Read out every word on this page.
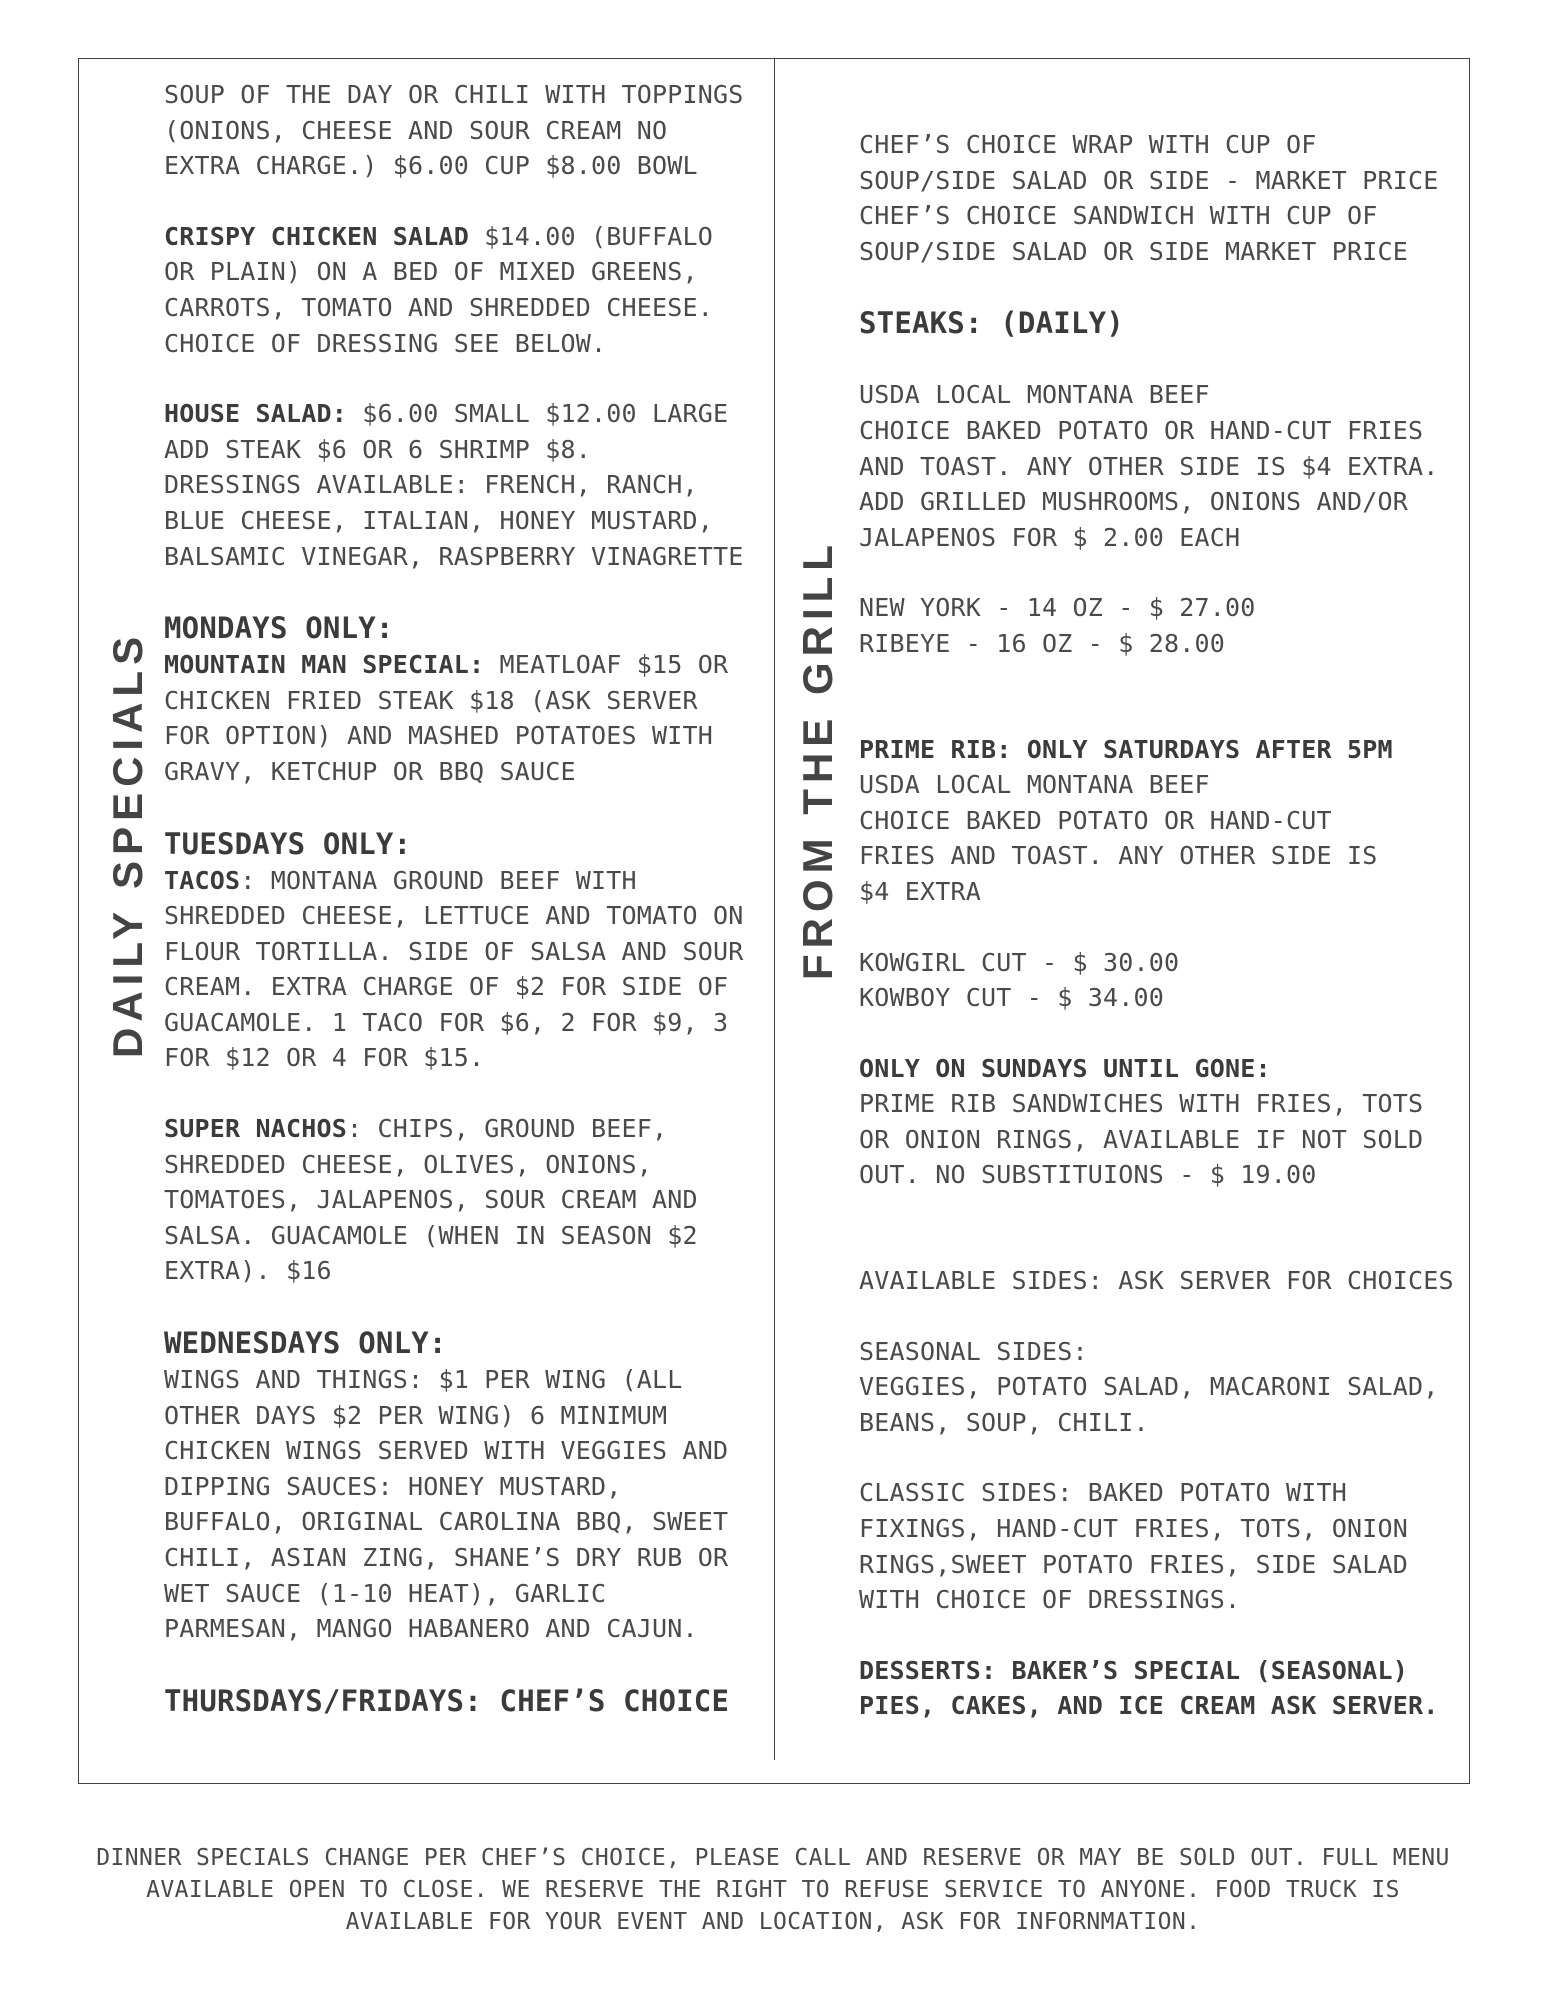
DAILY SPECIALS	FROM THE GRILL

SOUP OF THE DAY OR CHILI WITH TOPPINGS

(ONIONS, CHEESE AND SOUR CREAM NO

EXTRA CHARGE.) $6.00 CUP $8.00 BOWL

CRISPY CHICKEN SALAD $14.00 (BUFFALO

OR PLAIN) ON A BED OF MIXED GREENS,

CARROTS, TOMATO AND SHREDDED CHEESE.

CHOICE OF DRESSING SEE BELOW.

HOUSE SALAD: $6.00 SMALL $12.00 LARGE

ADD STEAK $6 OR 6 SHRIMP $8.

DRESSINGS AVAILABLE: FRENCH, RANCH,

BLUE CHEESE, ITALIAN, HONEY MUSTARD,

BALSAMIC VINEGAR, RASPBERRY VINAGRETTE

MONDAYS ONLY:

MOUNTAIN MAN SPECIAL: MEATLOAF $15 OR

CHICKEN FRIED STEAK $18 (ASK SERVER

FOR OPTION) AND MASHED POTATOES WITH

GRAVY, KETCHUP OR BBQ SAUCE

TUESDAYS ONLY:

TACOS: MONTANA GROUND BEEF WITH

SHREDDED CHEESE, LETTUCE AND TOMATO ON

FLOUR TORTILLA. SIDE OF SALSA AND SOUR

CREAM. EXTRA CHARGE OF $2 FOR SIDE OF

GUACAMOLE. 1 TACO FOR $6, 2 FOR $9, 3

FOR $12 OR 4 FOR $15.

SUPER NACHOS: CHIPS, GROUND BEEF,

SHREDDED CHEESE, OLIVES, ONIONS,

TOMATOES, JALAPENOS, SOUR CREAM AND

SALSA. GUACAMOLE (WHEN IN SEASON $2

EXTRA). $16

WEDNESDAYS ONLY:

WINGS AND THINGS: $1 PER WING (ALL

OTHER DAYS $2 PER WING) 6 MINIMUM

CHICKEN WINGS SERVED WITH VEGGIES AND

DIPPING SAUCES: HONEY MUSTARD,

BUFFALO, ORIGINAL CAROLINA BBQ, SWEET

CHILI, ASIAN ZING, SHANE’S DRY RUB OR

WET SAUCE (1-10 HEAT), GARLIC

PARMESAN, MANGO HABANERO AND CAJUN.

THURSDAYS/FRIDAYS: CHEF’S CHOICE

CHEF’S CHOICE WRAP WITH CUP OF

SOUP/SIDE SALAD OR SIDE - MARKET PRICE

CHEF’S CHOICE SANDWICH WITH CUP OF

SOUP/SIDE SALAD OR SIDE MARKET PRICE

STEAKS: (DAILY)

USDA LOCAL MONTANA BEEF

CHOICE BAKED POTATO OR HAND-CUT FRIES

AND TOAST. ANY OTHER SIDE IS $4 EXTRA.

ADD GRILLED MUSHROOMS, ONIONS AND/OR

JALAPENOS FOR $ 2.00 EACH

NEW YORK - 14 OZ - $ 27.00

RIBEYE - 16 OZ - $ 28.00

PRIME RIB: ONLY SATURDAYS AFTER 5PM

USDA LOCAL MONTANA BEEF

CHOICE BAKED POTATO OR HAND-CUT

FRIES AND TOAST. ANY OTHER SIDE IS

$4 EXTRA

KOWGIRL CUT - $ 30.00

KOWBOY CUT - $ 34.00

ONLY ON SUNDAYS UNTIL GONE:

PRIME RIB SANDWICHES WITH FRIES, TOTS

OR ONION RINGS, AVAILABLE IF NOT SOLD

OUT. NO SUBSTITUIONS - $ 19.00

AVAILABLE SIDES: ASK SERVER FOR CHOICES

SEASONAL SIDES:

VEGGIES, POTATO SALAD, MACARONI SALAD,

BEANS, SOUP, CHILI.

CLASSIC SIDES: BAKED POTATO WITH

FIXINGS, HAND-CUT FRIES, TOTS, ONION

RINGS,SWEET POTATO FRIES, SIDE SALAD

WITH CHOICE OF DRESSINGS.

DESSERTS: BAKER’S SPECIAL (SEASONAL)

PIES, CAKES, AND ICE CREAM ASK SERVER.

DINNER SPECIALS CHANGE PER CHEF’S CHOICE, PLEASE CALL AND RESERVE OR MAY BE SOLD OUT. FULL MENU

AVAILABLE OPEN TO CLOSE. WE RESERVE THE RIGHT TO REFUSE SERVICE TO ANYONE. FOOD TRUCK IS

AVAILABLE FOR YOUR EVENT AND LOCATION, ASK FOR INFORNMATION.
